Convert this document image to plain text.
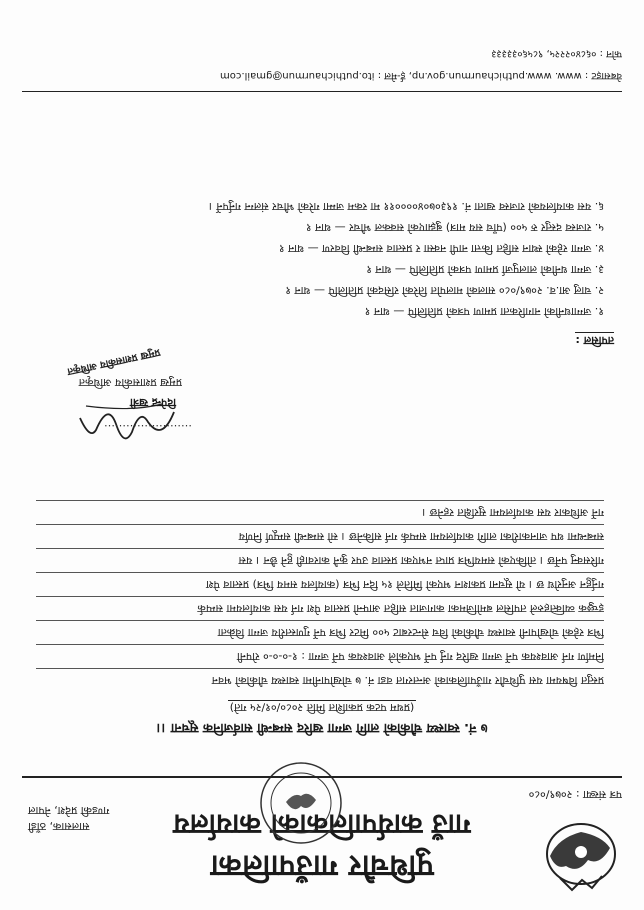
पुथिचौर गाउँपालिका
गाउँ कार्यपालिकाको कार्यालय
सालसाक, ठाँडी
गण्डकी प्रदेश, नेपाल
पत्र संख्या : २०७९/०८०
७ नं. स्वास्थ्य चौकीको लागि जग्गा खरिद सम्बन्धी सार्वजनिक सूचना ।।
(प्रथम पटक प्रकाशित मिति २०८०/०१/२५ गते)
प्रस्तुत विषयमा यस पुथिचौर गाउँपालिकाको अन्तरगत वडा नं. ७ चोखोपानीमा स्वास्थ्य चौकीको भवन
निर्माण गर्न आवश्यक पर्ने जग्गा खरिद गर्नु पर्ने भएकोले आवश्यक पर्ने जग्गा : १-०-०-० रोपनी
भित्र रहेको चोखोपानी स्वास्थ्य चौकीको विच सेन्टरबाट ५०० मिटर भित्र पर्ने गुणस्तरीय जग्गा विक्रेता
इच्छुक व्यक्तिहरुले तपसिल बमोजिमका कागजात सहित आफ्नो प्रस्ताव पेश गर्न यस कार्यालयमा सम्पर्क
गर्नुहुन अनुरोध छ । यो सूचना प्रकाशन भएको मितिले १५ दिन भित्र (कार्यालय समय भित्र) प्रस्ताव पेश
गरिसक्नु पर्नेछ । तोकिएको समयभित्र प्राप्त नभएका प्रस्ताव उपर कुनै कारवाही हुने छैन । यस
सम्बन्धमा थप जानकारीका लागि कार्यालयमा सम्पर्क गर्न सकिनेछ । सो सम्बन्धी सम्पूर्ण निर्णय
गर्ने अधिकार यस कार्यालयमा सुरक्षित रहनेछ ।
……………………
दिपेन्द्र खत्री
प्रमुख प्रशासकीय अधिकृत
प्रमुख प्रशासकीय अधिकृत
तपसिल :
१. जग्गाधनीको नागरिकता प्रमाण पत्रको प्रतिलिपि — थान १
२. चालु आ.व. २०७९/०८० सालको मालपोत तिरेको रसिदको प्रतिलिपि — थान १
३. जग्गा धनीको लालपुर्जा प्रमाण पत्रको प्रतिलिपि — थान १
४. जग्गा रहेको स्थान सहित कित्ता नापी नक्सा र प्रस्ताव सम्बन्धी विवरण — थान १
५. राजस्व दस्तुर रु ५०० (पाँच सय मात्र) बुझाएको सक्कल भौचर — थान १
६. यस कार्यालयको राजस्व खाता नं. १९३०७०४००००११ मा रकम जम्मा गरेको भौचर संलग्न गर्नुपर्ने ।
वेबसाइट : www. www.puthichaurmun.gov.np, ई-मेल : ito.puthichaurmun@gmail.com
फोन : ०६८४०२२२५, ९८५६०३३३३३
